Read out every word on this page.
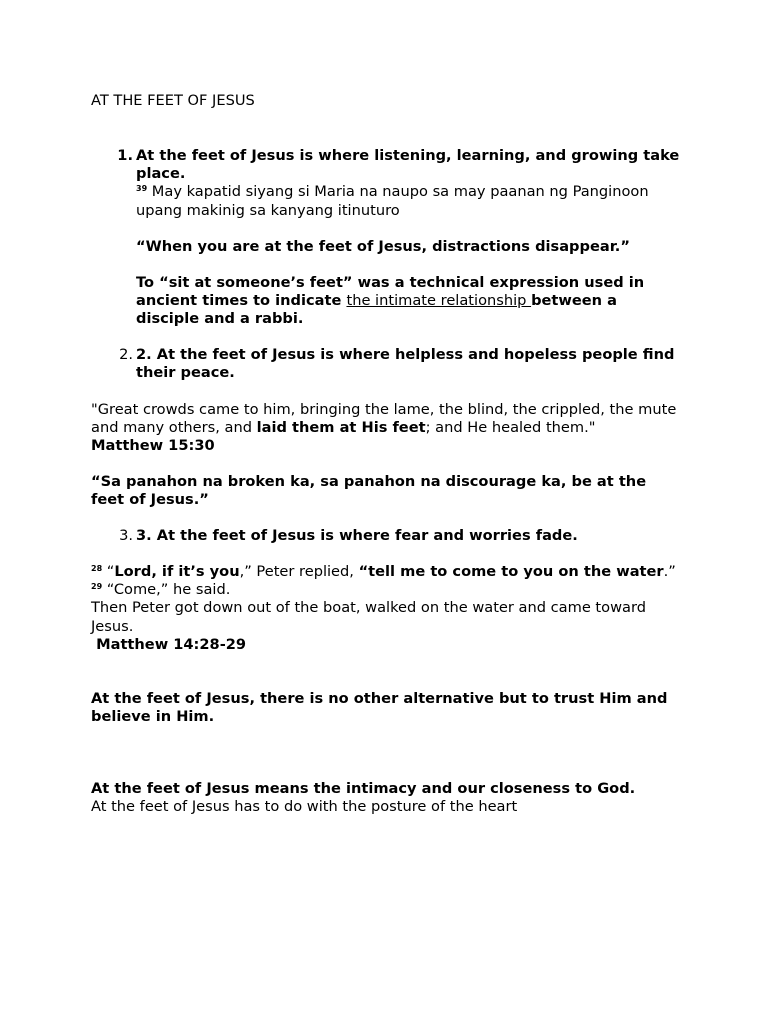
AT THE FEET OF JESUS
1. At the feet of Jesus is where listening, learning, and growing take place.
$^{39}$ May kapatid siyang si Maria na naupo sa may paanan ng Panginoon upang makinig sa kanyang itinuturo
“When you are at the feet of Jesus, distractions disappear.”
To “sit at someone’s feet” was a technical expression used in ancient times to indicate the intimate relationship between a disciple and a rabbi.
2. 2. At the feet of Jesus is where helpless and hopeless people find their peace.
"Great crowds came to him, bringing the lame, the blind, the crippled, the mute and many others, and laid them at His feet; and He healed them."
Matthew 15:30
“Sa panahon na broken ka, sa panahon na discourage ka, be at the feet of Jesus.”
3. 3. At the feet of Jesus is where fear and worries fade.
$^{28}$ “Lord, if it’s you,” Peter replied, “tell me to come to you on the water.”
$^{29}$ “Come,” he said.
Then Peter got down out of the boat, walked on the water and came toward Jesus.
Matthew 14:28-29
At the feet of Jesus, there is no other alternative but to trust Him and believe in Him.
At the feet of Jesus means the intimacy and our closeness to God.
At the feet of Jesus has to do with the posture of the heart
